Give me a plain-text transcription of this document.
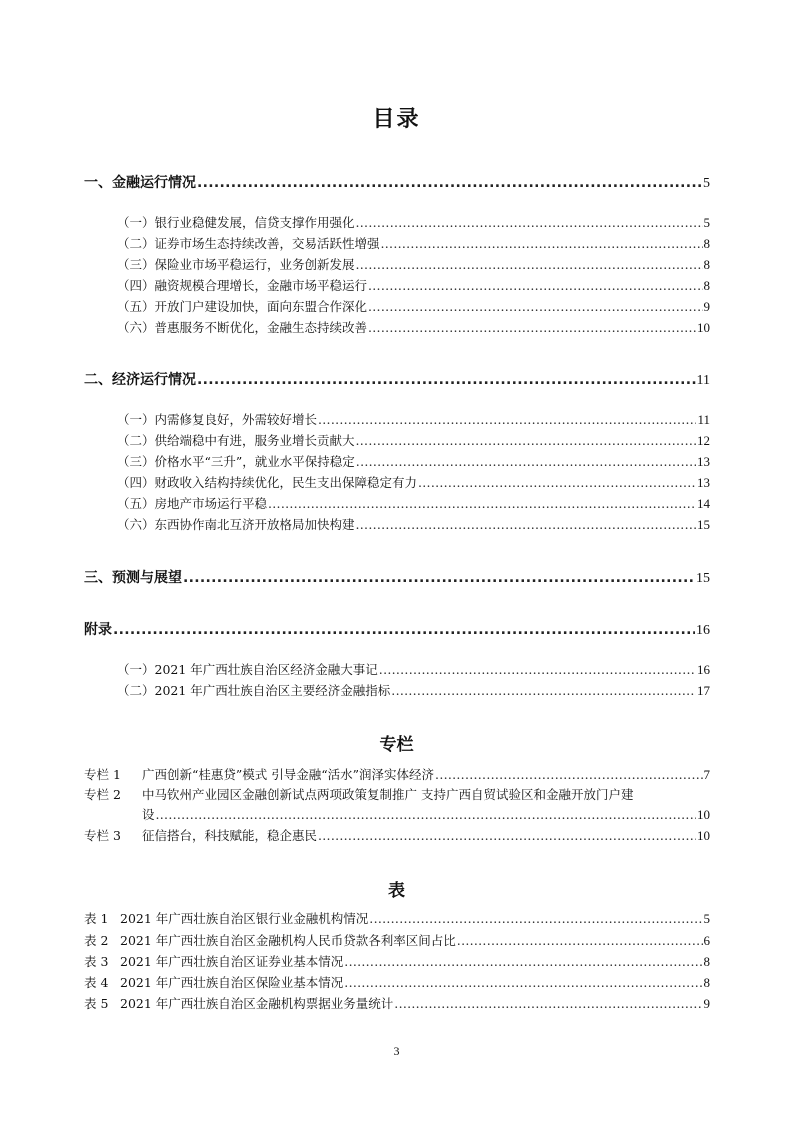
目录
一、金融运行情况 .....	5
（一）银行业稳健发展，信贷支撑作用强化 .....	5
（二）证券市场生态持续改善，交易活跃性增强 .....	8
（三）保险业市场平稳运行，业务创新发展 .....	8
（四）融资规模合理增长，金融市场平稳运行 .....	8
（五）开放门户建设加快，面向东盟合作深化 .....	9
（六）普惠服务不断优化，金融生态持续改善 .....	10
二、经济运行情况 .....	11
（一）内需修复良好，外需较好增长 .....	11
（二）供给端稳中有进，服务业增长贡献大 .....	12
（三）价格水平“三升”，就业水平保持稳定 .....	13
（四）财政收入结构持续优化，民生支出保障稳定有力 .....	13
（五）房地产市场运行平稳 .....	14
（六）东西协作南北互济开放格局加快构建 .....	15
三、预测与展望 .....	15
附录 .....	16
（一）2021 年广西壮族自治区经济金融大事记 .....	16
（二）2021 年广西壮族自治区主要经济金融指标 .....	17
专栏
专栏 1 广西创新“桂惠贷”模式 引导金融“活水”润泽实体经济 .....	7
专栏 2 中马钦州产业园区金融创新试点两项政策复制推广 支持广西自贸试验区和金融开放门户建
设 .....	10
专栏 3 征信搭台，科技赋能，稳企惠民 .....	10
表
表 1 2021 年广西壮族自治区银行业金融机构情况 .....	5
表 2 2021 年广西壮族自治区金融机构人民币贷款各利率区间占比 .....	6
表 3 2021 年广西壮族自治区证券业基本情况 .....	8
表 4 2021 年广西壮族自治区保险业基本情况 .....	8
表 5 2021 年广西壮族自治区金融机构票据业务量统计 .....	9
3
